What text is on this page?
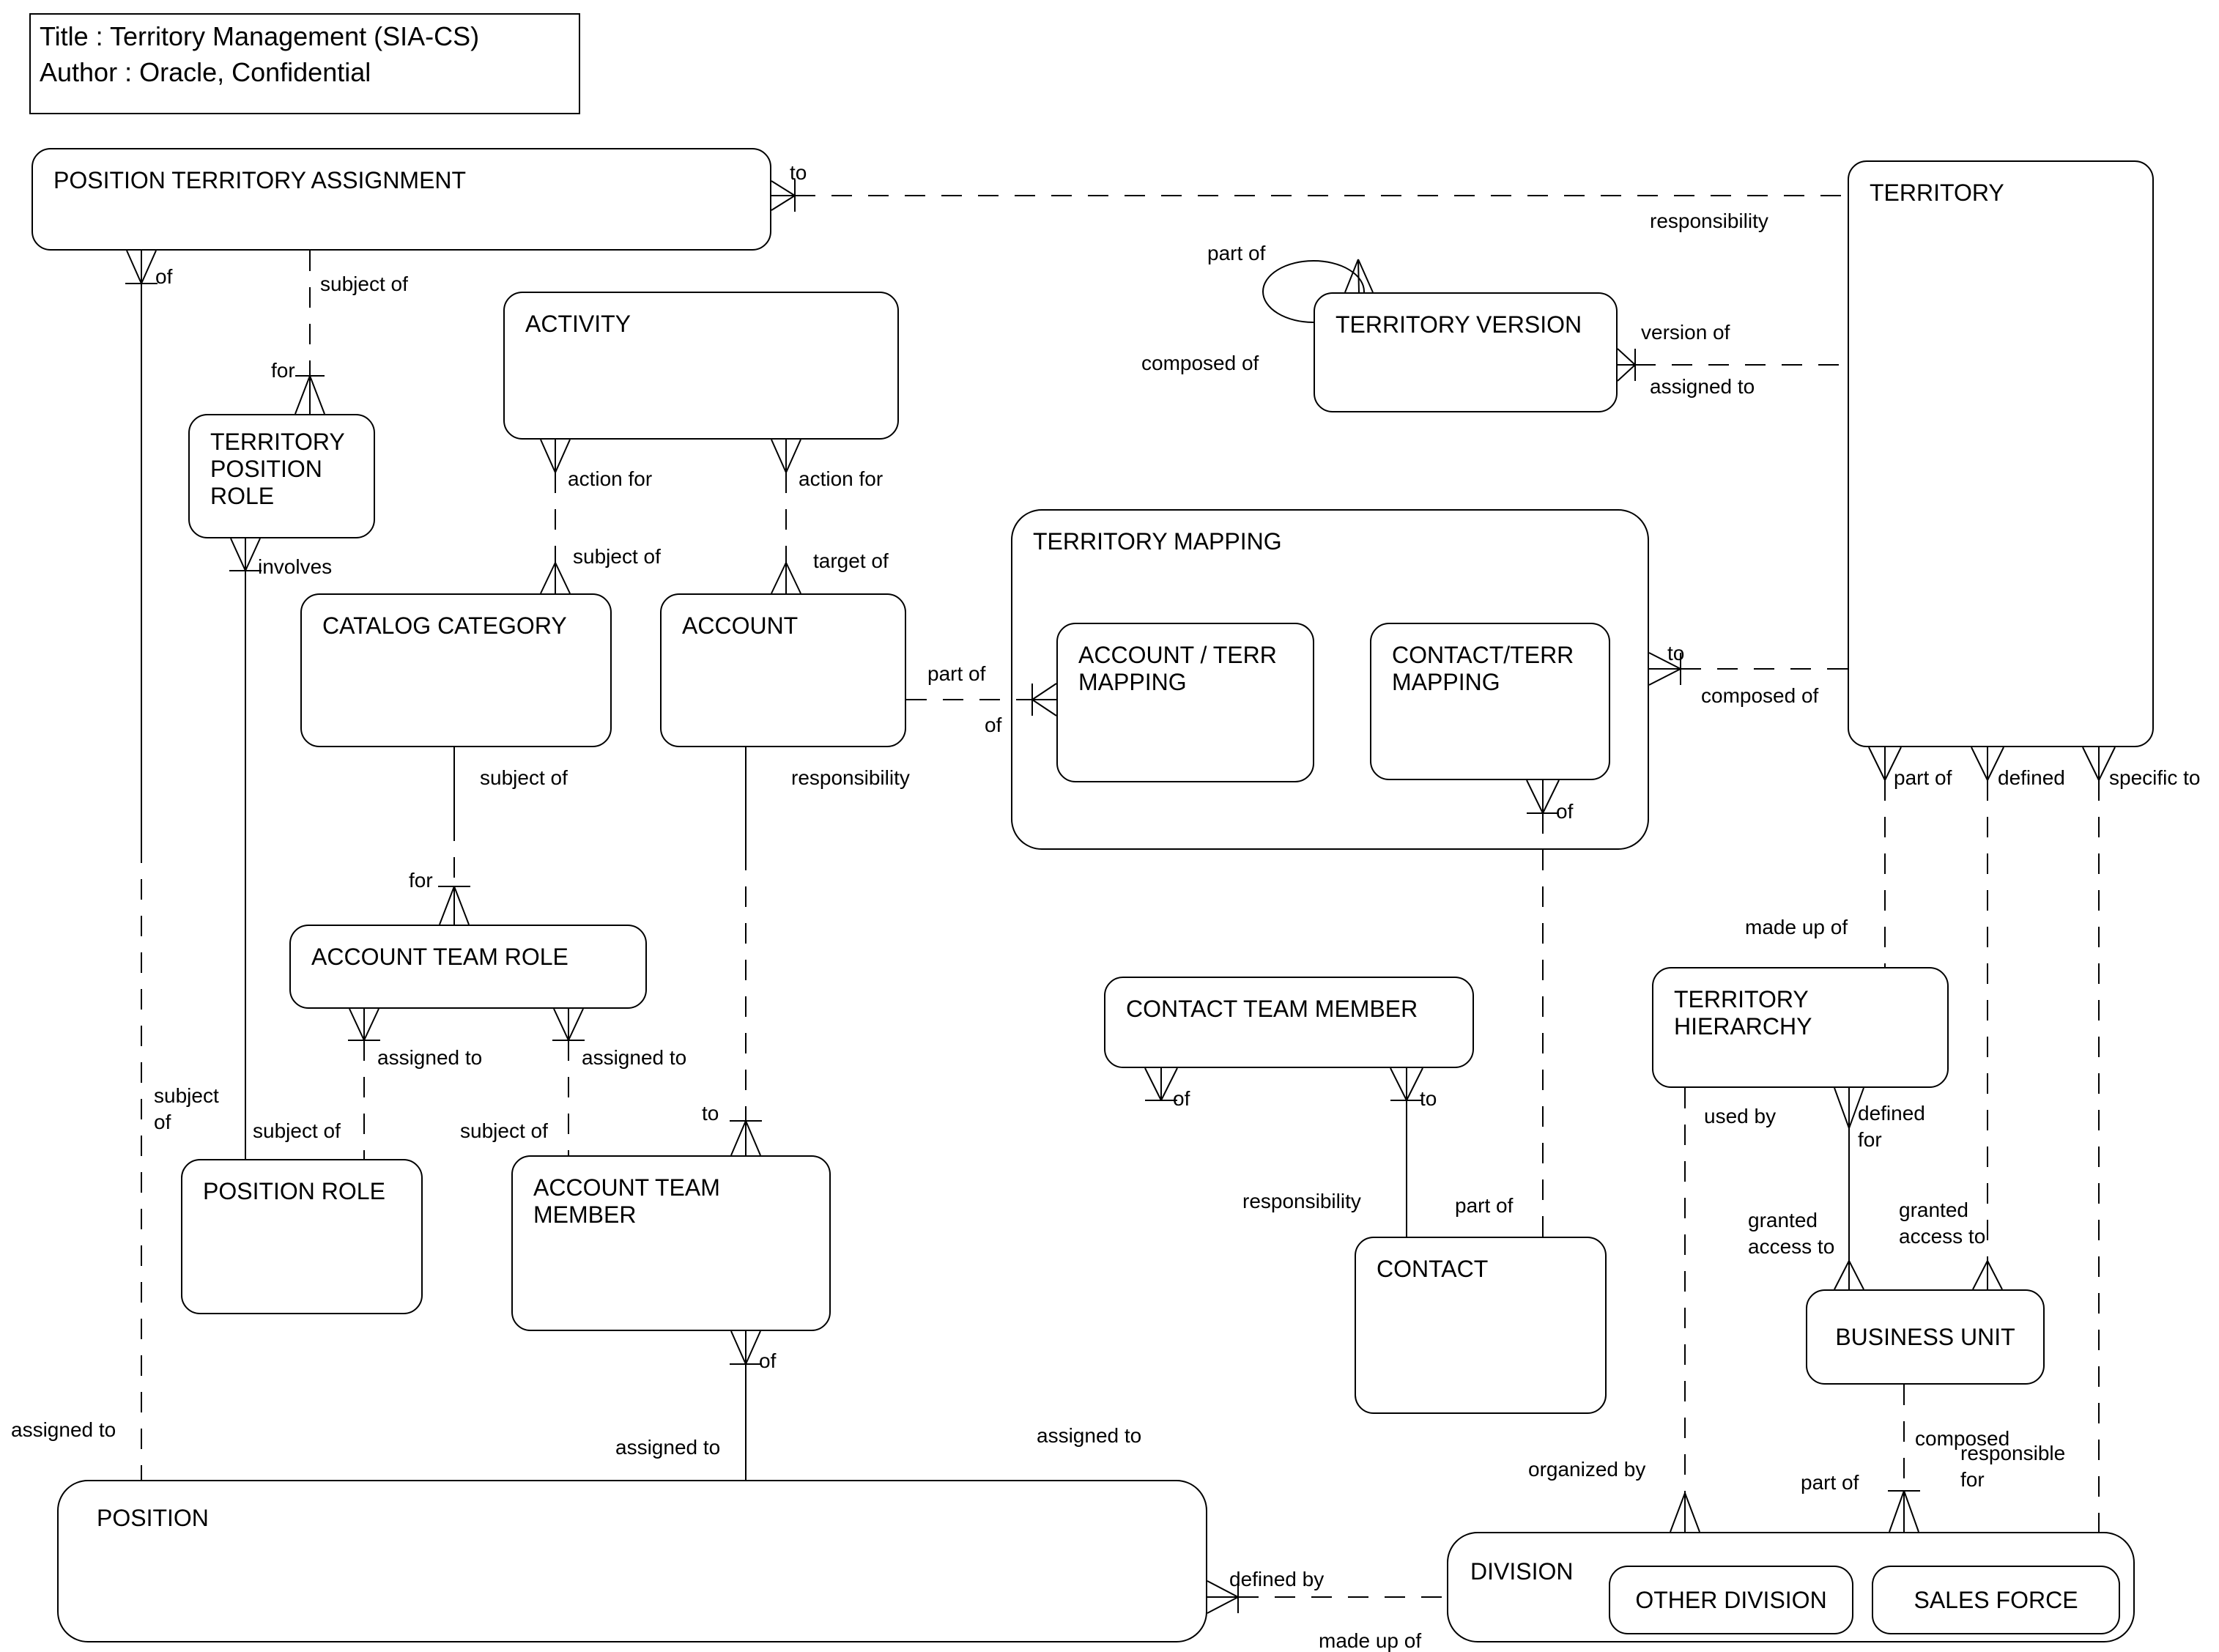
Title : Territory Management (SIA-CS)
Author : Oracle, Confidential
POSITION TERRITORY ASSIGNMENT	TERRITORY
TERRITORY VERSION
ACTIVITY
TERRITORY POSITION ROLE
CATALOG CATEGORY	ACCOUNT
TERRITORY MAPPING
ACCOUNT / TERR MAPPING
CONTACT/TERR MAPPING
ACCOUNT TEAM ROLE
CONTACT TEAM MEMBER	TERRITORY HIERARCHY
POSITION ROLE	ACCOUNT TEAM MEMBER
CONTACT
BUSINESS UNIT
POSITION
DIVISION
OTHER DIVISION	SALES FORCE
to
responsibility
of	subject of
for
involves
action for	action for
subject of	target of
part of
composed of
version of
assigned to
part of
of
to
composed of
of
subject of	responsibility
for
assigned to	assigned to
subject of	subject of	subject of
to
of
of	to
responsibility	part of
made up of
used by	defined for
granted access to
granted access to
composed
part of
responsible for
organized by
defined by
made up of
assigned to
assigned to
assigned to
part of defined specific to
